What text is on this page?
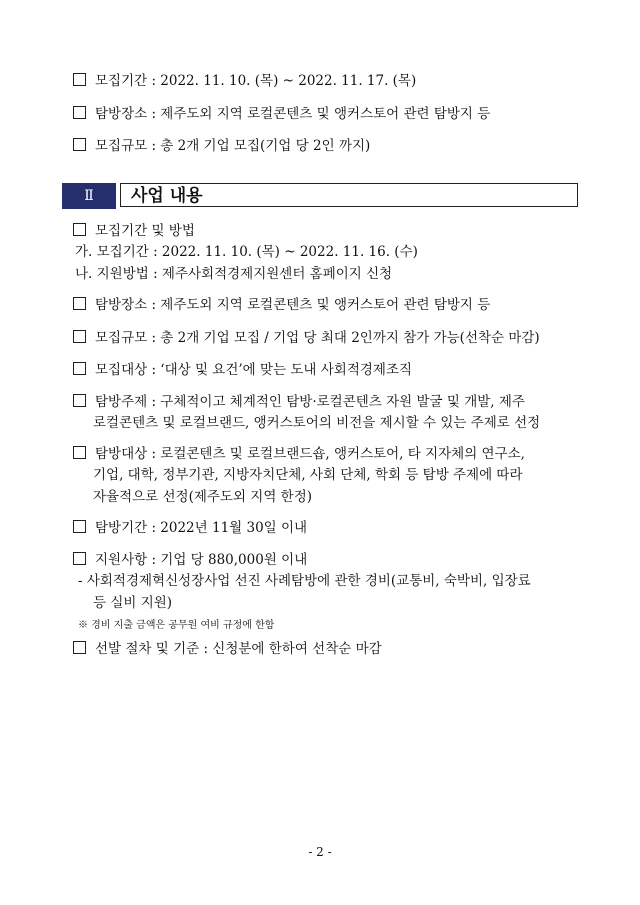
모집기간 : 2022. 11. 10. (목) ~ 2022. 11. 17. (목)
탐방장소 : 제주도외 지역 로컬콘텐츠 및 앵커스토어 관련 탐방지 등
모집규모 : 총 2개 기업 모집(기업 당 2인 까지)
Ⅱ	사업 내용
모집기간 및 방법
가. 모집기간 : 2022. 11. 10. (목) ~ 2022. 11. 16. (수)
나. 지원방법 : 제주사회적경제지원센터 홈페이지 신청
탐방장소 : 제주도외 지역 로컬콘텐츠 및 앵커스토어 관련 탐방지 등
모집규모 : 총 2개 기업 모집 / 기업 당 최대 2인까지 참가 가능(선착순 마감)
모집대상 : ‘대상 및 요건’에 맞는 도내 사회적경제조직
탐방주제 : 구체적이고 체계적인 탐방·로컬콘텐츠 자원 발굴 및 개발, 제주
로컬콘텐츠 및 로컬브랜드, 앵커스토어의 비전을 제시할 수 있는 주제로 선정
탐방대상 : 로컬콘텐츠 및 로컬브랜드숍, 앵커스토어, 타 지자체의 연구소,
기업, 대학, 정부기관, 지방자치단체, 사회 단체, 학회 등 탐방 주제에 따라
자율적으로 선정(제주도외 지역 한정)
탐방기간 : 2022년 11월 30일 이내
지원사항 : 기업 당 880,000원 이내
- 사회적경제혁신성장사업 선진 사례탐방에 관한 경비(교통비, 숙박비, 입장료
등 실비 지원)
※ 경비 지출 금액은 공무원 여비 규정에 한함
선발 절차 및 기준 : 신청분에 한하여 선착순 마감
- 2 -
